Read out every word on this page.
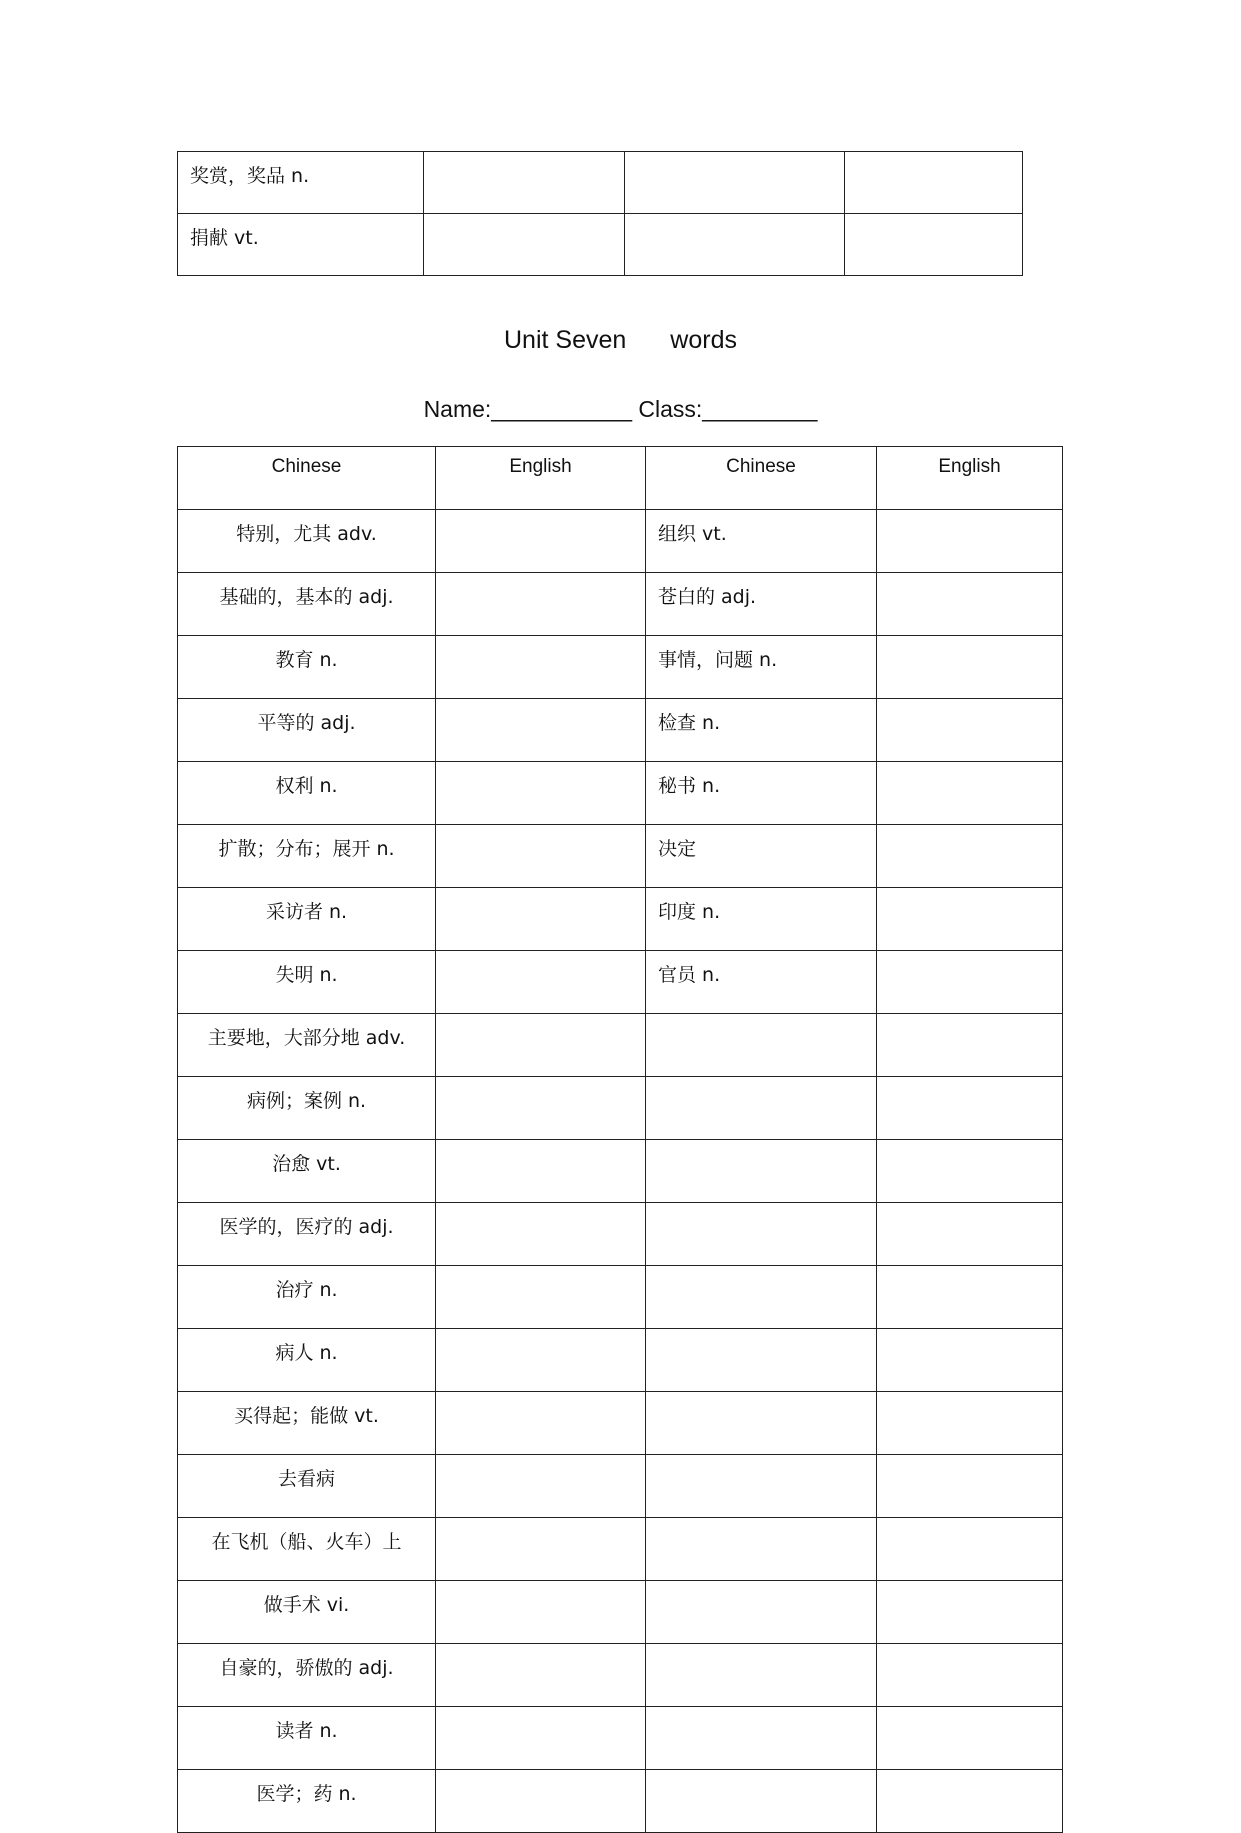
奖赏，奖品 n.			
捐献 vt.			
Unit Seven words
Name:___________ Class:_________
Chinese	English	Chinese	English
特别，尤其 adv.		组织 vt.	
基础的，基本的 adj.		苍白的 adj.	
教育 n.		事情，问题 n.	
平等的 adj.		检查 n.	
权利 n.		秘书 n.	
扩散；分布；展开 n.		决定	
采访者 n.		印度 n.	
失明 n.		官员 n.	
主要地，大部分地 adv.			
病例；案例 n.			
治愈 vt.			
医学的，医疗的 adj.			
治疗 n.			
病人 n.			
买得起；能做 vt.			
去看病			
在飞机（船、火车）上			
做手术 vi.			
自豪的，骄傲的 adj.			
读者 n.			
医学；药 n.			
